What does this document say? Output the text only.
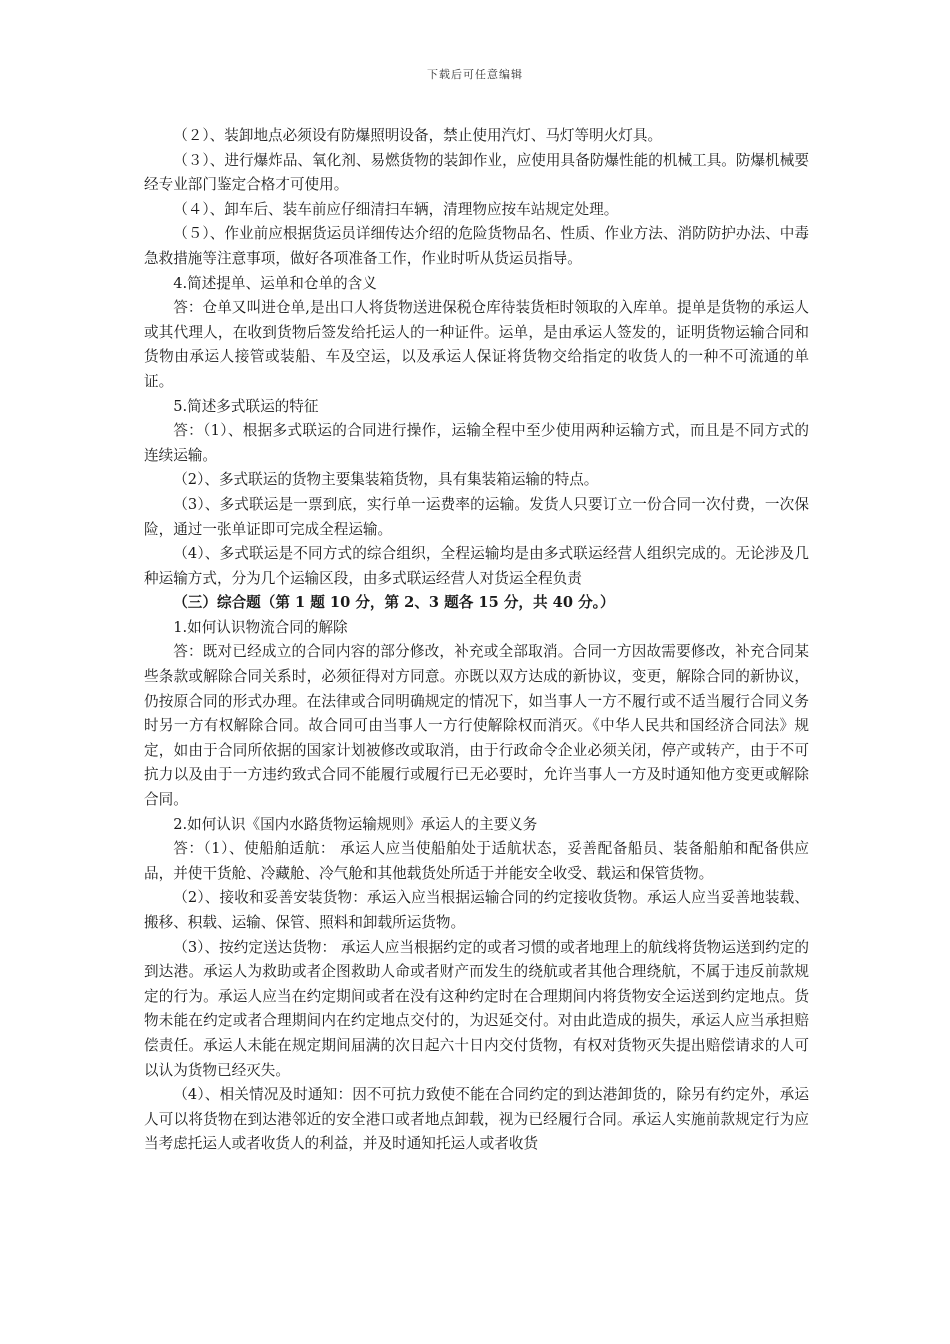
下载后可任意编辑

（２）、装卸地点必须设有防爆照明设备，禁止使用汽灯、马灯等明火灯具。

（３）、进行爆炸品、氧化剂、易燃货物的装卸作业，应使用具备防爆性能的机械工具。防爆机械要经专业部门鉴定合格才可使用。

（４）、卸车后、装车前应仔细清扫车辆，清理物应按车站规定处理。

（５）、作业前应根据货运员详细传达介绍的危险货物品名、性质、作业方法、消防防护办法、中毒急救措施等注意事项，做好各项准备工作，作业时听从货运员指导。

4.简述提单、运单和仓单的含义

答：仓单又叫进仓单,是出口人将货物送进保税仓库待装货柜时领取的入库单。提单是货物的承运人或其代理人，在收到货物后签发给托运人的一种证件。运单，是由承运人签发的，证明货物运输合同和货物由承运人接管或装船、车及空运，以及承运人保证将货物交给指定的收货人的一种不可流通的单证。

5.简述多式联运的特征

答：（1）、根据多式联运的合同进行操作，运输全程中至少使用两种运输方式，而且是不同方式的连续运输。

（2）、多式联运的货物主要集装箱货物，具有集装箱运输的特点。

（3）、多式联运是一票到底，实行单一运费率的运输。发货人只要订立一份合同一次付费，一次保险，通过一张单证即可完成全程运输。

（4）、多式联运是不同方式的综合组织，全程运输均是由多式联运经营人组织完成的。无论涉及几种运输方式，分为几个运输区段，由多式联运经营人对货运全程负责

（三）综合题（第 1 题 10 分，第 2、3 题各 15 分，共 40 分。）

1.如何认识物流合同的解除

答：既对已经成立的合同内容的部分修改，补充或全部取消。合同一方因故需要修改，补充合同某些条款或解除合同关系时，必须征得对方同意。亦既以双方达成的新协议，变更，解除合同的新协议，仍按原合同的形式办理。在法律或合同明确规定的情况下，如当事人一方不履行或不适当履行合同义务时另一方有权解除合同。故合同可由当事人一方行使解除权而消灭。《中华人民共和国经济合同法》规定，如由于合同所依据的国家计划被修改或取消，由于行政命令企业必须关闭，停产或转产，由于不可抗力以及由于一方违约致式合同不能履行或履行已无必要时，允许当事人一方及时通知他方变更或解除合同。

2.如何认识《国内水路货物运输规则》承运人的主要义务

答：（1）、使船舶适航： 承运人应当使船舶处于适航状态，妥善配备船员、装备船舶和配备供应品，并使干货舱、冷藏舱、冷气舱和其他载货处所适于并能安全收受、载运和保管货物。

（2）、接收和妥善安装货物：承运入应当根据运输合同的约定接收货物。承运人应当妥善地装载、搬移、积载、运输、保管、照料和卸载所运货物。

（3）、按约定送达货物： 承运人应当根据约定的或者习惯的或者地理上的航线将货物运送到约定的到达港。承运人为救助或者企图救助人命或者财产而发生的绕航或者其他合理绕航，不属于违反前款规定的行为。承运人应当在约定期间或者在没有这种约定时在合理期间内将货物安全运送到约定地点。货物未能在约定或者合理期间内在约定地点交付的，为迟延交付。对由此造成的损失，承运人应当承担赔偿责任。承运人未能在规定期间届满的次日起六十日内交付货物，有权对货物灭失提出赔偿请求的人可以认为货物已经灭失。

（4）、相关情况及时通知：因不可抗力致使不能在合同约定的到达港卸货的，除另有约定外，承运人可以将货物在到达港邻近的安全港口或者地点卸载，视为已经履行合同。承运人实施前款规定行为应当考虑托运人或者收货人的利益，并及时通知托运人或者收货
